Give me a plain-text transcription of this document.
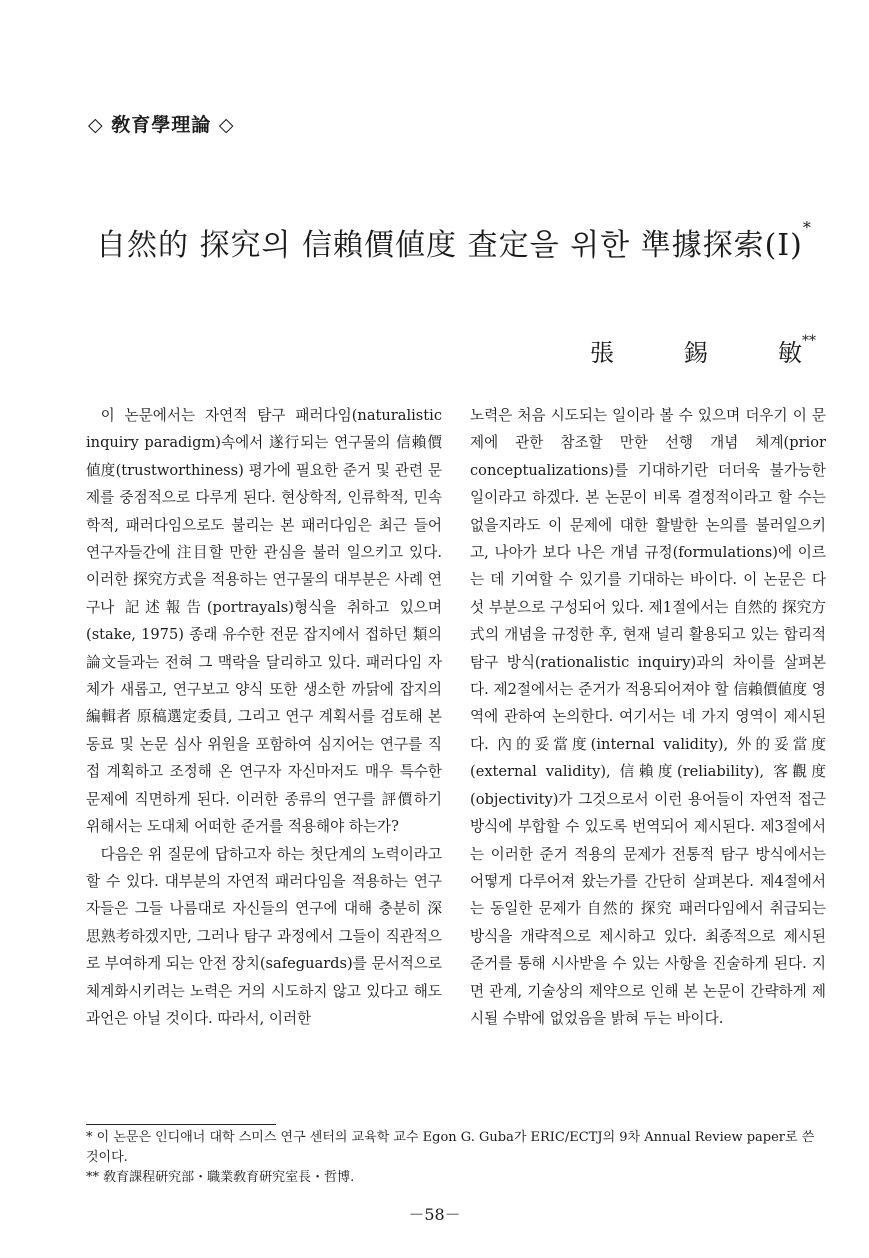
◇ 敎育學理論 ◇
自然的 探究의 信賴價値度 査定을 위한 準據探索(Ⅰ)*
張	錫	敏**

이 논문에서는 자연적 탐구 패러다임(naturalistic inquiry paradigm)속에서 遂行되는 연구물의 信賴價値度(trustworthiness) 평가에 필요한 준거 및 관련 문제를 중점적으로 다루게 된다. 현상학적, 인류학적, 민속학적, 패러다임으로도 불리는 본 패러다임은 최근 들어 연구자들간에 注目할 만한 관심을 불러 일으키고 있다. 이러한 探究方式을 적용하는 연구물의 대부분은 사례 연구나 記述報告(portrayals)형식을 취하고 있으며(stake, 1975) 종래 유수한 전문 잡지에서 접하던 類의 論文들과는 전혀 그 맥락을 달리하고 있다. 패러다임 자체가 새롭고, 연구보고 양식 또한 생소한 까닭에 잡지의 編輯者 原稿選定委員, 그리고 연구 계획서를 검토해 본 동료 및 논문 심사 위원을 포함하여 심지어는 연구를 직접 계획하고 조정해 온 연구자 자신마저도 매우 특수한 문제에 직면하게 된다. 이러한 종류의 연구를 評價하기 위해서는 도대체 어떠한 준거를 적용해야 하는가?

다음은 위 질문에 답하고자 하는 첫단계의 노력이라고 할 수 있다. 대부분의 자연적 패러다임을 적용하는 연구자들은 그들 나름대로 자신들의 연구에 대해 충분히 深思熟考하겠지만, 그러나 탐구 과정에서 그들이 직관적으로 부여하게 되는 안전 장치(safeguards)를 문서적으로 체계화시키려는 노력은 거의 시도하지 않고 있다고 해도 과언은 아닐 것이다. 따라서, 이러한

노력은 처음 시도되는 일이라 볼 수 있으며 더우기 이 문제에 관한 참조할 만한 선행 개념 체계(prior conceptualizations)를 기대하기란 더더욱 불가능한 일이라고 하겠다. 본 논문이 비록 결정적이라고 할 수는 없을지라도 이 문제에 대한 활발한 논의를 불러일으키고, 나아가 보다 나은 개념 규정(formulations)에 이르는 데 기여할 수 있기를 기대하는 바이다. 이 논문은 다섯 부분으로 구성되어 있다. 제1절에서는 自然的 探究方式의 개념을 규정한 후, 현재 널리 활용되고 있는 합리적 탐구 방식(rationalistic inquiry)과의 차이를 살펴본다. 제2절에서는 준거가 적용되어져야 할 信賴價値度 영역에 관하여 논의한다. 여기서는 네 가지 영역이 제시된다. 內的妥當度(internal validity), 外的妥當度(external validity), 信賴度(reliability), 客觀度(objectivity)가 그것으로서 이런 용어들이 자연적 접근 방식에 부합할 수 있도록 번역되어 제시된다. 제3절에서는 이러한 준거 적용의 문제가 전통적 탐구 방식에서는 어떻게 다루어져 왔는가를 간단히 살펴본다. 제4절에서는 동일한 문제가 自然的 探究 패러다임에서 취급되는 방식을 개략적으로 제시하고 있다. 최종적으로 제시된 준거를 통해 시사받을 수 있는 사항을 진술하게 된다. 지면 관계, 기술상의 제약으로 인해 본 논문이 간략하게 제시될 수밖에 없었음을 밝혀 두는 바이다.

* 이 논문은 인디애너 대학 스미스 연구 센터의 교육학 교수 Egon G. Guba가 ERIC/ECTJ의 9차 Annual Review paper로 쓴 것이다.

** 敎育課程硏究部・職業敎育硏究室長・哲博.

－58－
